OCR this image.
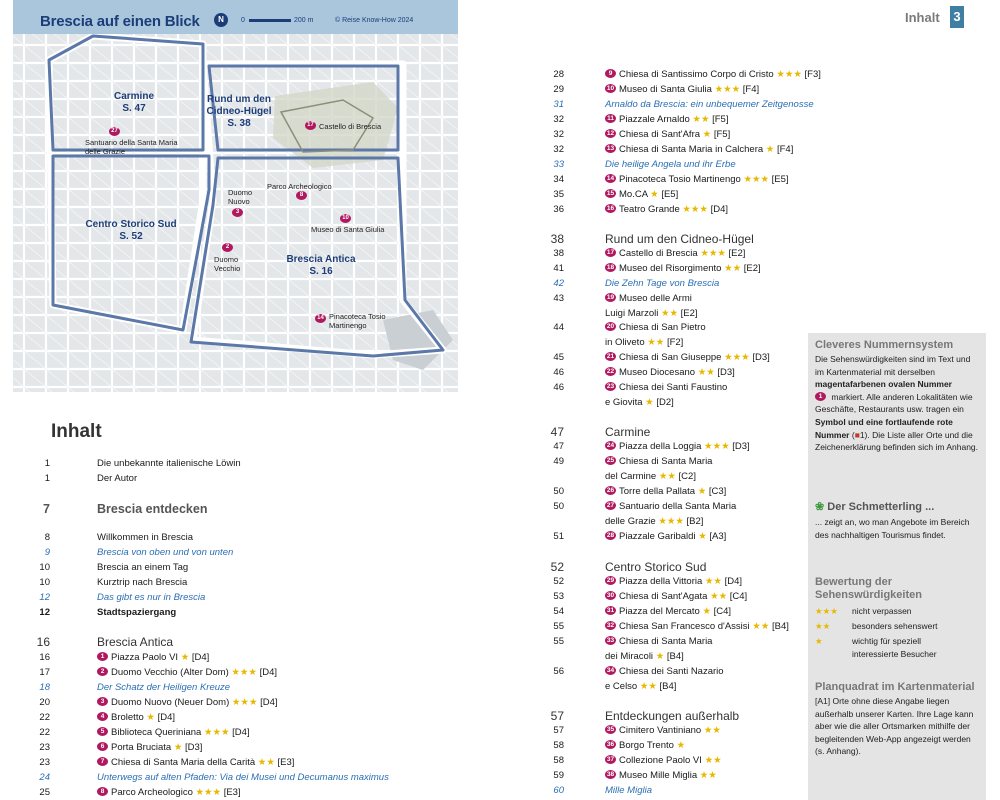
Brescia auf einen Blick	N	0	200 m	© Reise Know-How 2024
Carmine
S. 47
Rund um den Cidneo-Hügel
S. 38
Centro Storico Sud
S. 52
Brescia Antica
S. 16
27
Santuario della Santa Maria delle Grazie
17 Castello di Brescia
Parco Archeologico
8
Duomo Nuovo
3
2
Duomo Vecchio
10
Museo di Santa Giulia
14 Pinacoteca Tosio Martinengo
Inhalt 3
Inhalt
1	Die unbekannte italienische Löwin
1	Der Autor
7	Brescia entdecken
8	Willkommen in Brescia
9	Brescia von oben und von unten
10	Brescia an einem Tag
10	Kurztrip nach Brescia
12	Das gibt es nur in Brescia
12	Stadtspaziergang
16	Brescia Antica
16	1 Piazza Paolo VI ★ [D4]
17	2 Duomo Vecchio (Alter Dom) ★★★ [D4]
18	Der Schatz der Heiligen Kreuze
20	3 Duomo Nuovo (Neuer Dom) ★★★ [D4]
22	4 Broletto ★ [D4]
22	5 Biblioteca Queriniana ★★★ [D4]
23	6 Porta Bruciata ★ [D3]
23	7 Chiesa di Santa Maria della Carità ★★ [E3]
24	Unterwegs auf alten Pfaden: Via dei Musei und Decumanus maximus
25	8 Parco Archeologico ★★★ [E3]
28	9 Chiesa di Santissimo Corpo di Cristo ★★★ [F3]
29	10 Museo di Santa Giulia ★★★ [F4]
31	Arnaldo da Brescia: ein unbequemer Zeitgenosse
32	11 Piazzale Arnaldo ★★ [F5]
32	12 Chiesa di Sant'Afra ★ [F5]
32	13 Chiesa di Santa Maria in Calchera ★ [F4]
33	Die heilige Angela und ihr Erbe
34	14 Pinacoteca Tosio Martinengo ★★★ [E5]
35	15 Mo.CA ★ [E5]
36	16 Teatro Grande ★★★ [D4]
38	Rund um den Cidneo-Hügel
38	17 Castello di Brescia ★★★ [E2]
41	18 Museo del Risorgimento ★★ [E2]
42	Die Zehn Tage von Brescia
43	19 Museo delle Armi
Luigi Marzoli ★★ [E2]
44	20 Chiesa di San Pietro
in Oliveto ★★ [F2]
45	21 Chiesa di San Giuseppe ★★★ [D3]
46	22 Museo Diocesano ★★ [D3]
46	23 Chiesa dei Santi Faustino
e Giovita ★ [D2]
47	Carmine
47	24 Piazza della Loggia ★★★ [D3]
49	25 Chiesa di Santa Maria
del Carmine ★★ [C2]
50	26 Torre della Pallata ★ [C3]
50	27 Santuario della Santa Maria
delle Grazie ★★★ [B2]
51	28 Piazzale Garibaldi ★ [A3]
52	Centro Storico Sud
52	29 Piazza della Vittoria ★★ [D4]
53	30 Chiesa di Sant'Agata ★★ [C4]
54	31 Piazza del Mercato ★ [C4]
55	32 Chiesa San Francesco d'Assisi ★★ [B4]
55	33 Chiesa di Santa Maria
dei Miracoli ★ [B4]
56	34 Chiesa dei Santi Nazario
e Celso ★★ [B4]
57	Entdeckungen außerhalb
57	35 Cimitero Vantiniano ★★
58	36 Borgo Trento ★
58	37 Collezione Paolo VI ★★
59	38 Museo Mille Miglia ★★
60	Mille Miglia
Cleveres Nummernsystem
Die Sehenswürdigkeiten sind im Text und im Kartenmaterial mit derselben magentafarbenen ovalen Nummer
1 markiert. Alle anderen Lokalitäten wie Geschäfte, Restaurants usw. tragen ein Symbol und eine fortlaufende rote Nummer (■1). Die Liste aller Orte und die Zeichenerklärung befinden sich im Anhang.
❀ Der Schmetterling ...
... zeigt an, wo man Angebote im Bereich des nachhaltigen Tourismus findet.
Bewertung der Sehenswürdigkeiten
★★★ nicht verpassen
★★	besonders sehenswert
★	wichtig für speziell interessierte Besucher
Planquadrat im Kartenmaterial
[A1] Orte ohne diese Angabe liegen außerhalb unserer Karten. Ihre Lage kann aber wie die aller Ortsmarken mithilfe der begleitenden Web-App angezeigt werden (s. Anhang).
